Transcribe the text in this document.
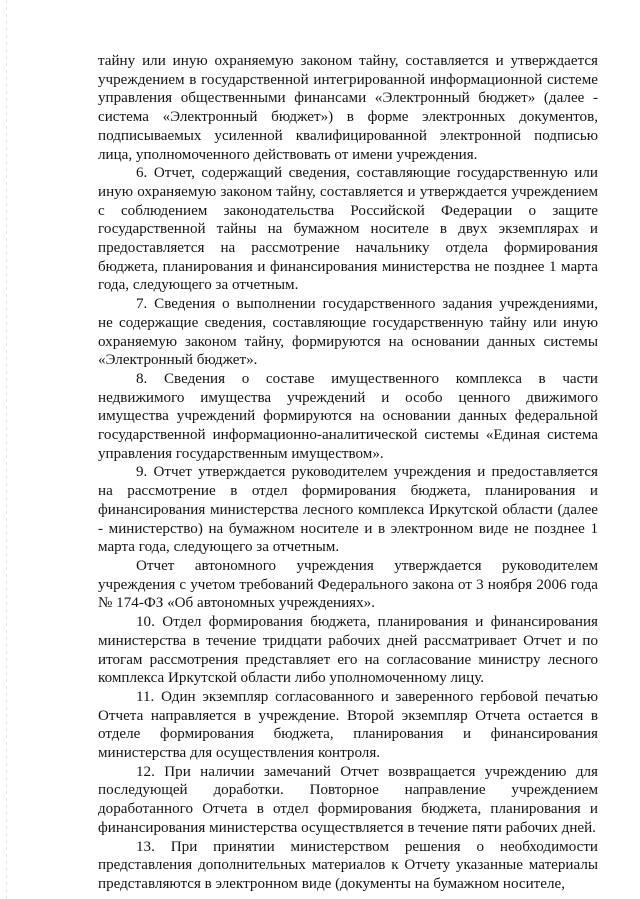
тайну или иную охраняемую законом тайну, составляется и утверждается учреждением в государственной интегрированной информационной системе управления общественными финансами «Электронный бюджет» (далее - система «Электронный бюджет») в форме электронных документов, подписываемых усиленной квалифицированной электронной подписью лица, уполномоченного действовать от имени учреждения.

6. Отчет, содержащий сведения, составляющие государственную или иную охраняемую законом тайну, составляется и утверждается учреждением с соблюдением законодательства Российской Федерации о защите государственной тайны на бумажном носителе в двух экземплярах и предоставляется на рассмотрение начальнику отдела формирования бюджета, планирования и финансирования министерства не позднее 1 марта года, следующего за отчетным.

7. Сведения о выполнении государственного задания учреждениями, не содержащие сведения, составляющие государственную тайну или иную охраняемую законом тайну, формируются на основании данных системы «Электронный бюджет».

8. Сведения о составе имущественного комплекса в части недвижимого имущества учреждений и особо ценного движимого имущества учреждений формируются на основании данных федеральной государственной информационно-аналитической системы «Единая система управления государственным имуществом».

9. Отчет утверждается руководителем учреждения и предоставляется на рассмотрение в отдел формирования бюджета, планирования и финансирования министерства лесного комплекса Иркутской области (далее - министерство) на бумажном носителе и в электронном виде не позднее 1 марта года, следующего за отчетным.

Отчет автономного учреждения утверждается руководителем учреждения с учетом требований Федерального закона от 3 ноября 2006 года № 174-ФЗ «Об автономных учреждениях».

10. Отдел формирования бюджета, планирования и финансирования министерства в течение тридцати рабочих дней рассматривает Отчет и по итогам рассмотрения представляет его на согласование министру лесного комплекса Иркутской области либо уполномоченному лицу.

11. Один экземпляр согласованного и заверенного гербовой печатью Отчета направляется в учреждение. Второй экземпляр Отчета остается в отделе формирования бюджета, планирования и финансирования министерства для осуществления контроля.

12. При наличии замечаний Отчет возвращается учреждению для последующей доработки. Повторное направление учреждением доработанного Отчета в отдел формирования бюджета, планирования и финансирования министерства осуществляется в течение пяти рабочих дней.

13. При принятии министерством решения о необходимости представления дополнительных материалов к Отчету указанные материалы представляются в электронном виде (документы на бумажном носителе,
